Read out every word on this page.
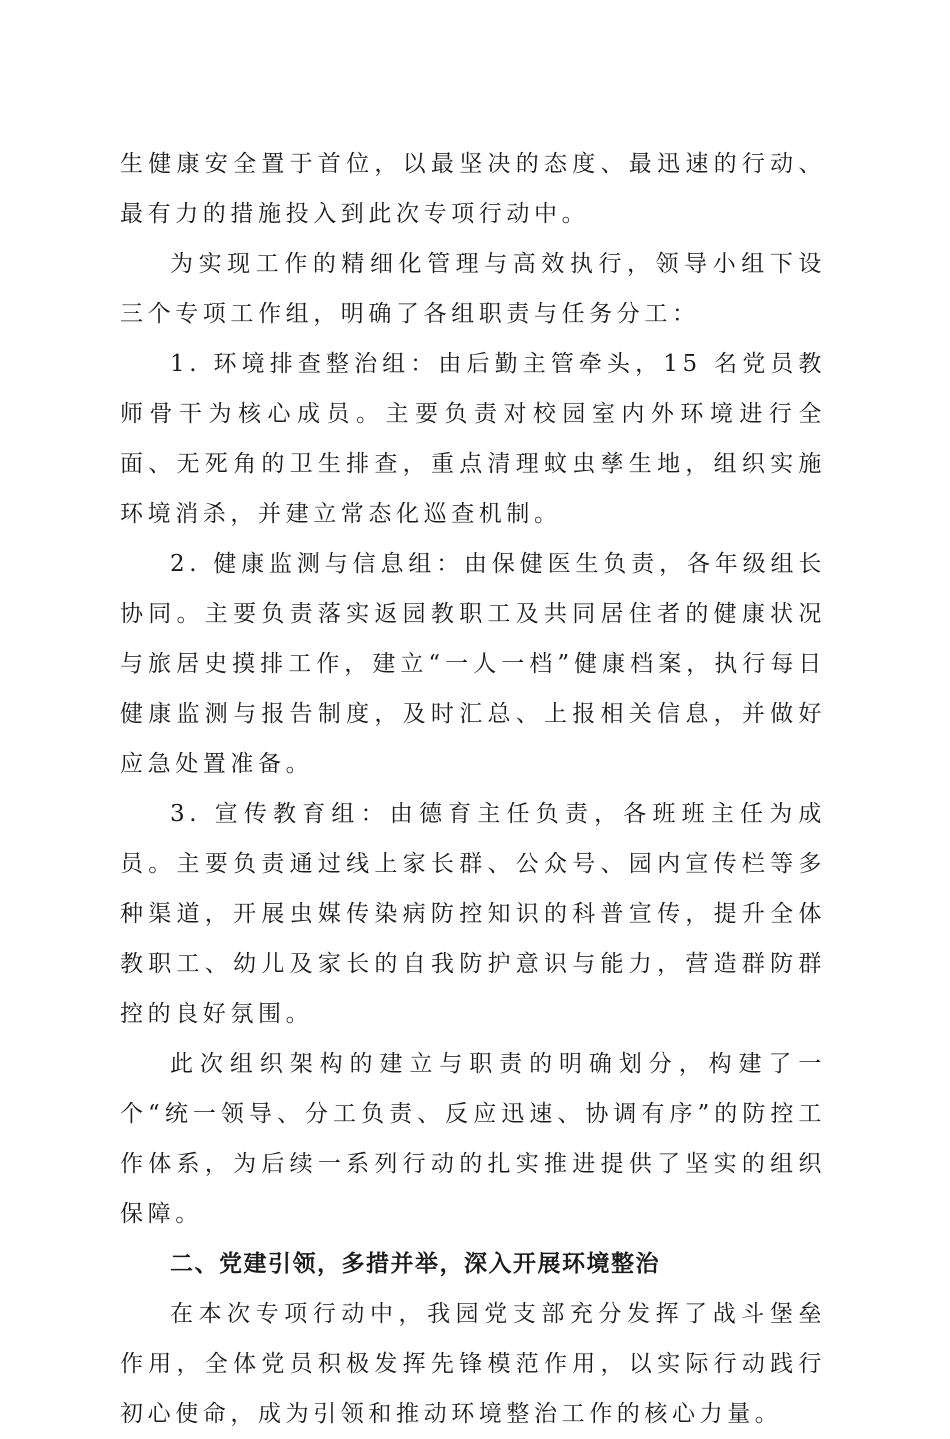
生健康安全置于首位，以最坚决的态度、最迅速的行动、最有力的措施投入到此次专项行动中。

为实现工作的精细化管理与高效执行，领导小组下设三个专项工作组，明确了各组职责与任务分工：

1. 环境排查整治组：由后勤主管牵头，15 名党员教师骨干为核心成员。主要负责对校园室内外环境进行全面、无死角的卫生排查，重点清理蚊虫孳生地，组织实施环境消杀，并建立常态化巡查机制。

2. 健康监测与信息组：由保健医生负责，各年级组长协同。主要负责落实返园教职工及共同居住者的健康状况与旅居史摸排工作，建立“一人一档”健康档案，执行每日健康监测与报告制度，及时汇总、上报相关信息，并做好应急处置准备。

3. 宣传教育组：由德育主任负责，各班班主任为成员。主要负责通过线上家长群、公众号、园内宣传栏等多种渠道，开展虫媒传染病防控知识的科普宣传，提升全体教职工、幼儿及家长的自我防护意识与能力，营造群防群控的良好氛围。

此次组织架构的建立与职责的明确划分，构建了一个“统一领导、分工负责、反应迅速、协调有序”的防控工作体系，为后续一系列行动的扎实推进提供了坚实的组织保障。

二、党建引领，多措并举，深入开展环境整治

在本次专项行动中，我园党支部充分发挥了战斗堡垒作用，全体党员积极发挥先锋模范作用，以实际行动践行初心使命，成为引领和推动环境整治工作的核心力量。
